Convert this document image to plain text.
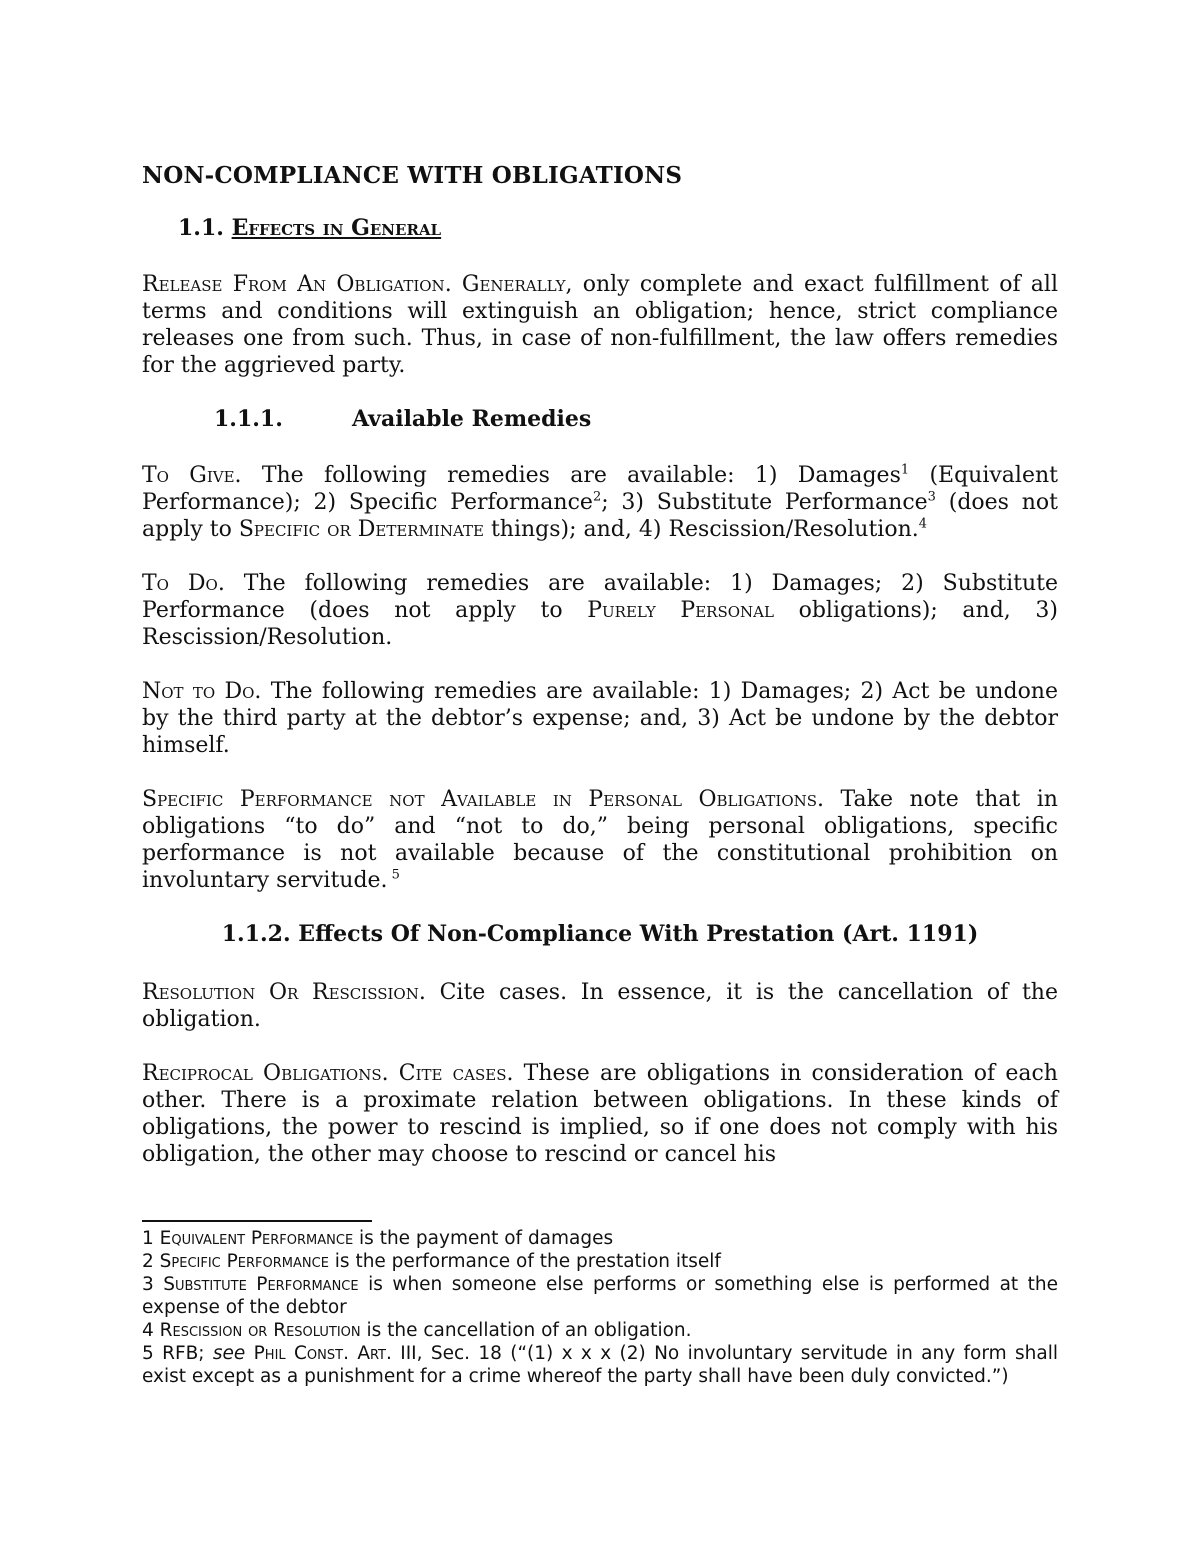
NON-COMPLIANCE WITH OBLIGATIONS
1.1. Effects in General

Release From An Obligation. Generally, only complete and exact fulfillment of all terms and conditions will extinguish an obligation; hence, strict compliance releases one from such. Thus, in case of non-fulfillment, the law offers remedies for the aggrieved party.

1.1.1.	Available Remedies

To Give. The following remedies are available: 1) Damages$^1$ (Equivalent Performance); 2) Specific Performance$^2$; 3) Substitute Performance$^3$ (does not apply to Specific or Determinate things); and, 4) Rescission/Resolution.$^4$

To Do. The following remedies are available: 1) Damages; 2) Substitute Performance (does not apply to Purely Personal obligations); and, 3) Rescission/Resolution.

Not to Do. The following remedies are available: 1) Damages; 2) Act be undone by the third party at the debtor’s expense; and, 3) Act be undone by the debtor himself.

Specific Performance not Available in Personal Obligations. Take note that in obligations “to do” and “not to do,” being personal obligations, specific performance is not available because of the constitutional prohibition on involuntary servitude. $^5$

1.1.2. Effects Of Non-Compliance With Prestation (Art. 1191)

Resolution Or Rescission. Cite cases. In essence, it is the cancellation of the obligation.

Reciprocal Obligations. Cite cases. These are obligations in consideration of each other. There is a proximate relation between obligations. In these kinds of obligations, the power to rescind is implied, so if one does not comply with his obligation, the other may choose to rescind or cancel his

1 Equivalent Performance is the payment of damages

2 Specific Performance is the performance of the prestation itself

3 Substitute Performance is when someone else performs or something else is performed at the expense of the debtor

4 Rescission or Resolution is the cancellation of an obligation.

5 RFB; see Phil Const. Art. III, Sec. 18 (“(1) x x x (2) No involuntary servitude in any form shall exist except as a punishment for a crime whereof the party shall have been duly convicted.”)
